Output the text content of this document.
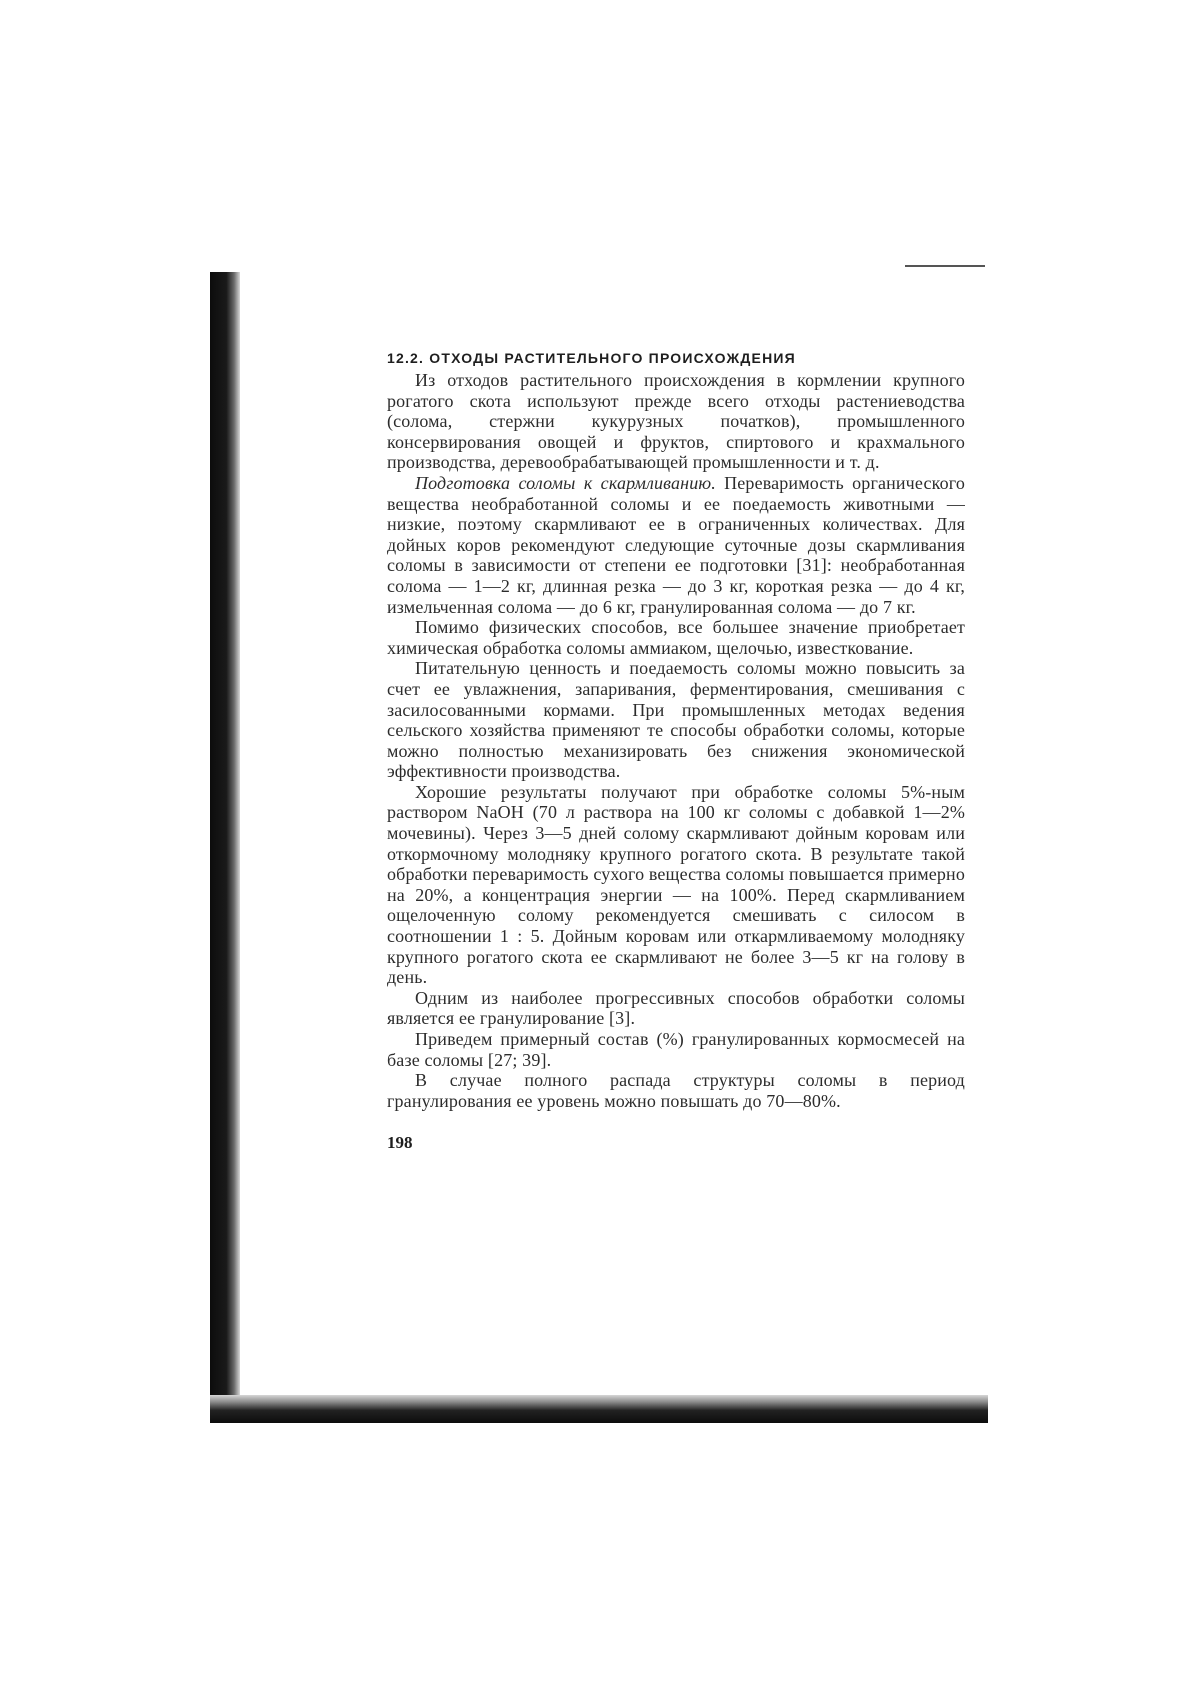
12.2. ОТХОДЫ РАСТИТЕЛЬНОГО ПРОИСХОЖДЕНИЯ

Из отходов растительного происхождения в кормлении крупного рогатого скота используют прежде всего отходы растениеводства (солома, стержни кукурузных початков), промышленного консервирования овощей и фруктов, спиртового и крахмального производства, деревообрабатывающей промышленности и т. д.

Подготовка соломы к скармливанию. Переваримость органического вещества необработанной соломы и ее поедаемость животными — низкие, поэтому скармливают ее в ограниченных количествах. Для дойных коров рекомендуют следующие суточные дозы скармливания соломы в зависимости от степени ее подготовки [31]: необработанная солома — 1—2 кг, длинная резка — до 3 кг, короткая резка — до 4 кг, измельченная солома — до 6 кг, гранулированная солома — до 7 кг.

Помимо физических способов, все большее значение приобретает химическая обработка соломы аммиаком, щелочью, известкование.

Питательную ценность и поедаемость соломы можно повысить за счет ее увлажнения, запаривания, ферментирования, смешивания с засилосованными кормами. При промышленных методах ведения сельского хозяйства применяют те способы обработки соломы, которые можно полностью механизировать без снижения экономической эффективности производства.

Хорошие результаты получают при обработке соломы 5%-ным раствором NaOH (70 л раствора на 100 кг соломы с добавкой 1—2% мочевины). Через 3—5 дней солому скармливают дойным коровам или откормочному молодняку крупного рогатого скота. В результате такой обработки переваримость сухого вещества соломы повышается примерно на 20%, а концентрация энергии — на 100%. Перед скармливанием ощелоченную солому рекомендуется смешивать с силосом в соотношении 1 : 5. Дойным коровам или откармливаемому молодняку крупного рогатого скота ее скармливают не более 3—5 кг на голову в день.

Одним из наиболее прогрессивных способов обработки соломы является ее гранулирование [3].

Приведем примерный состав (%) гранулированных кормосмесей на базе соломы [27; 39].

В случае полного распада структуры соломы в период гранулирования ее уровень можно повышать до 70—80%.

198
